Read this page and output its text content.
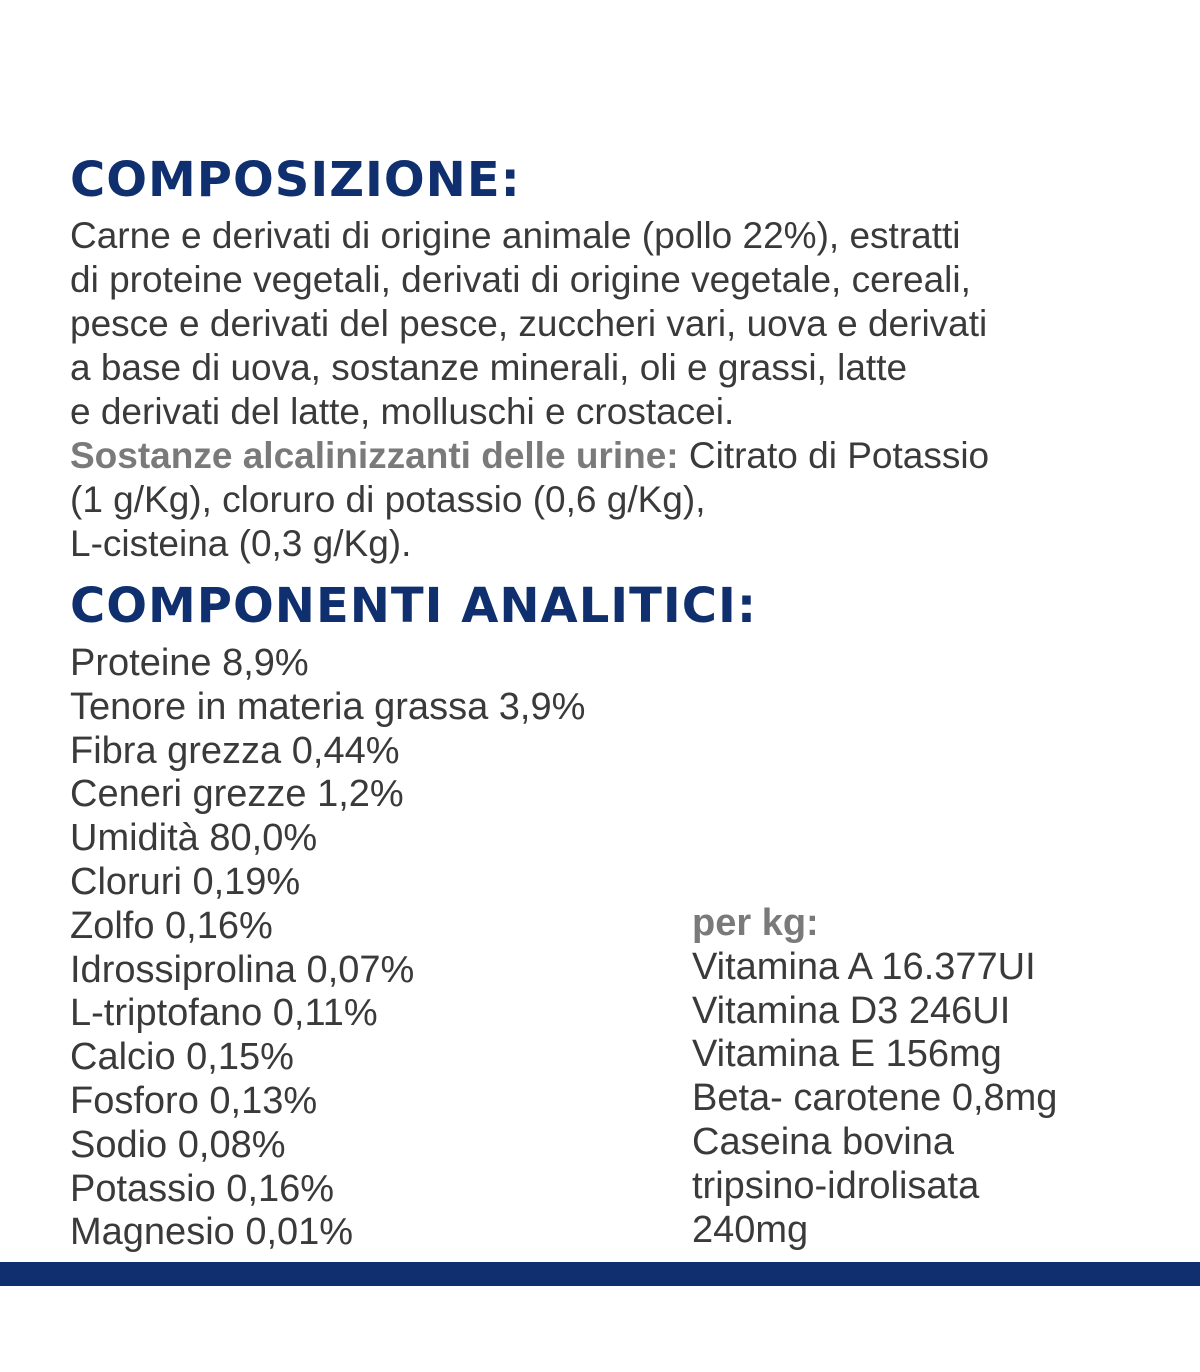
COMPOSIZIONE:
Carne e derivati di origine animale (pollo 22%), estratti
di proteine vegetali, derivati di origine vegetale, cereali,
pesce e derivati del pesce, zuccheri vari, uova e derivati
a base di uova, sostanze minerali, oli e grassi, latte
e derivati del latte, molluschi e crostacei.
Sostanze alcalinizzanti delle urine: Citrato di Potassio
(1 g/Kg), cloruro di potassio (0,6 g/Kg),
L-cisteina (0,3 g/Kg).
COMPONENTI ANALITICI:
Proteine 8,9%
Tenore in materia grassa 3,9%
Fibra grezza 0,44%
Ceneri grezze 1,2%
Umidità 80,0%
Cloruri 0,19%
Zolfo 0,16%
Idrossiprolina 0,07%
L-triptofano 0,11%
Calcio 0,15%
Fosforo 0,13%
Sodio 0,08%
Potassio 0,16%
Magnesio 0,01%
per kg:
Vitamina A 16.377UI
Vitamina D3 246UI
Vitamina E 156mg
Beta- carotene 0,8mg
Caseina bovina
tripsino-idrolisata
240mg
